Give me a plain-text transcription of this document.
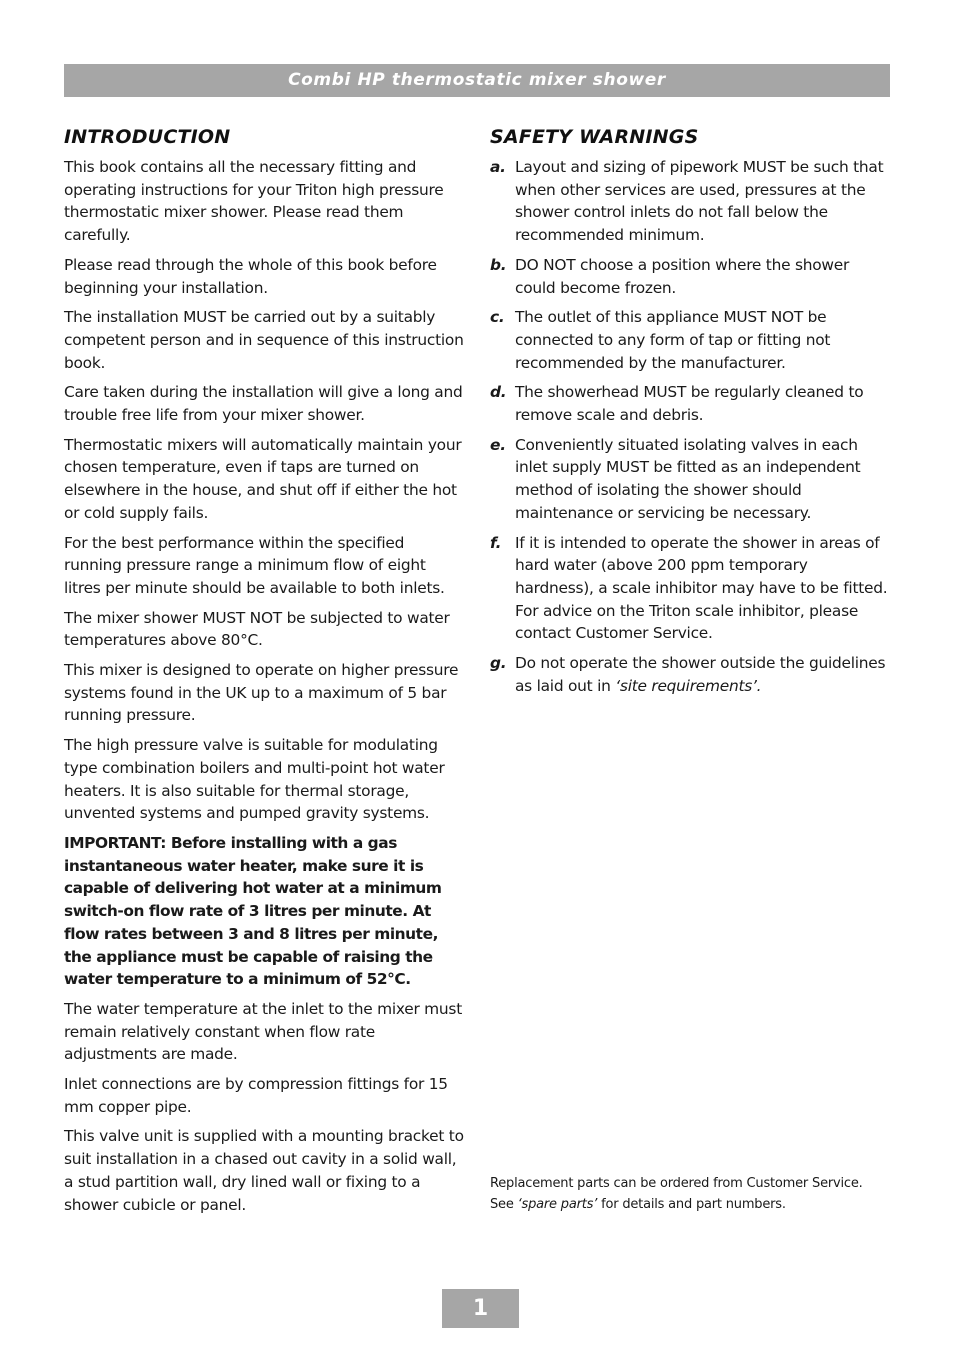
Combi HP thermostatic mixer shower
INTRODUCTION

This book contains all the necessary fitting and operating instructions for your Triton high pressure thermostatic mixer shower. Please read them carefully.

Please read through the whole of this book before beginning your installation.

The installation MUST be carried out by a suitably competent person and in sequence of this instruction book.

Care taken during the installation will give a long and trouble free life from your mixer shower.

Thermostatic mixers will automatically maintain your chosen temperature, even if taps are turned on elsewhere in the house, and shut off if either the hot or cold supply fails.

For the best performance within the specified running pressure range a minimum flow of eight litres per minute should be available to both inlets.

The mixer shower MUST NOT be subjected to water temperatures above 80°C.

This mixer is designed to operate on higher pressure systems found in the UK up to a maximum of 5 bar running pressure.

The high pressure valve is suitable for modulating type combination boilers and multi-point hot water heaters. It is also suitable for thermal storage, unvented systems and pumped gravity systems.

IMPORTANT: Before installing with a gas instantaneous water heater, make sure it is capable of delivering hot water at a minimum switch-on flow rate of 3 litres per minute. At flow rates between 3 and 8 litres per minute, the appliance must be capable of raising the water temperature to a minimum of 52°C.

The water temperature at the inlet to the mixer must remain relatively constant when flow rate adjustments are made.

Inlet connections are by compression fittings for 15 mm copper pipe.

This valve unit is supplied with a mounting bracket to suit installation in a chased out cavity in a solid wall, a stud partition wall, dry lined wall or fixing to a shower cubicle or panel.

SAFETY WARNINGS
a. Layout and sizing of pipework MUST be such that when other services are used, pressures at the shower control inlets do not fall below the recommended minimum.
b. DO NOT choose a position where the shower could become frozen.
c. The outlet of this appliance MUST NOT be connected to any form of tap or fitting not recommended by the manufacturer.
d. The showerhead MUST be regularly cleaned to remove scale and debris.
e. Conveniently situated isolating valves in each inlet supply MUST be fitted as an independent method of isolating the shower should maintenance or servicing be necessary.
f. If it is intended to operate the shower in areas of hard water (above 200 ppm temporary hardness), a scale inhibitor may have to be fitted. For advice on the Triton scale inhibitor, please contact Customer Service.
g. Do not operate the shower outside the guidelines as laid out in ‘site requirements’.
Replacement parts can be ordered from Customer Service. See ‘spare parts’ for details and part numbers.
1
